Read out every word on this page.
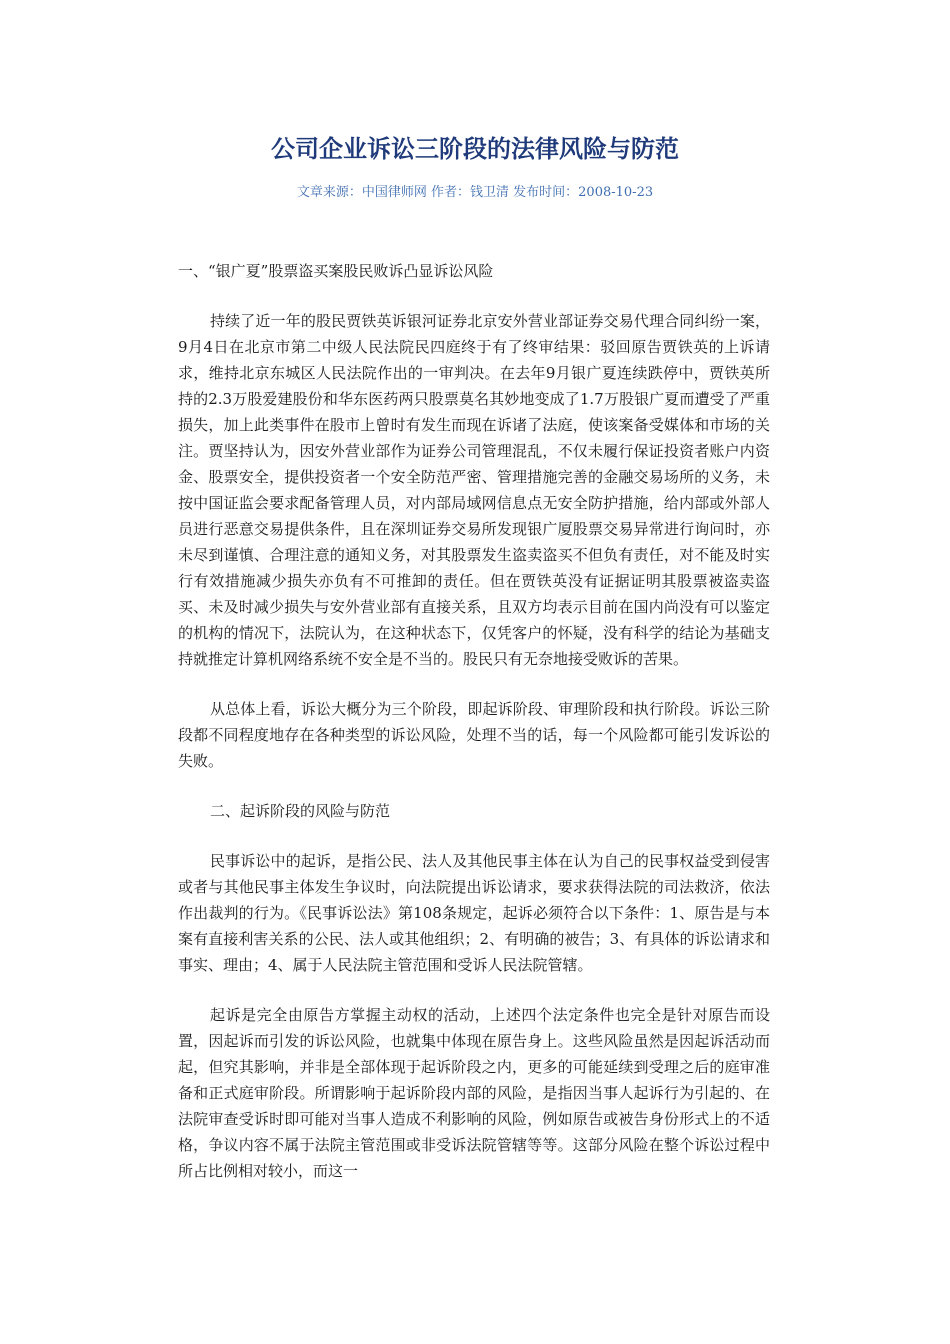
公司企业诉讼三阶段的法律风险与防范
文章来源：中国律师网 作者：钱卫清 发布时间：2008-10-23
一、“银广夏”股票盗买案股民败诉凸显诉讼风险

持续了近一年的股民贾铁英诉银河证券北京安外营业部证券交易代理合同纠纷一案，9月4日在北京市第二中级人民法院民四庭终于有了终审结果：驳回原告贾铁英的上诉请求，维持北京东城区人民法院作出的一审判决。在去年9月银广夏连续跌停中，贾铁英所持的2.3万股爱建股份和华东医药两只股票莫名其妙地变成了1.7万股银广夏而遭受了严重损失，加上此类事件在股市上曾时有发生而现在诉诸了法庭，使该案备受媒体和市场的关注。贾坚持认为，因安外营业部作为证券公司管理混乱，不仅未履行保证投资者账户内资金、股票安全，提供投资者一个安全防范严密、管理措施完善的金融交易场所的义务，未按中国证监会要求配备管理人员，对内部局域网信息点无安全防护措施，给内部或外部人员进行恶意交易提供条件，且在深圳证券交易所发现银广厦股票交易异常进行询问时，亦未尽到谨慎、合理注意的通知义务，对其股票发生盗卖盗买不但负有责任，对不能及时实行有效措施减少损失亦负有不可推卸的责任。但在贾铁英没有证据证明其股票被盗卖盗买、未及时减少损失与安外营业部有直接关系，且双方均表示目前在国内尚没有可以鉴定的机构的情况下，法院认为，在这种状态下，仅凭客户的怀疑，没有科学的结论为基础支持就推定计算机网络系统不安全是不当的。股民只有无奈地接受败诉的苦果。

从总体上看，诉讼大概分为三个阶段，即起诉阶段、审理阶段和执行阶段。诉讼三阶段都不同程度地存在各种类型的诉讼风险，处理不当的话，每一个风险都可能引发诉讼的失败。

二、起诉阶段的风险与防范

民事诉讼中的起诉，是指公民、法人及其他民事主体在认为自己的民事权益受到侵害或者与其他民事主体发生争议时，向法院提出诉讼请求，要求获得法院的司法救济，依法作出裁判的行为。《民事诉讼法》第108条规定，起诉必须符合以下条件：1、原告是与本案有直接利害关系的公民、法人或其他组织；2、有明确的被告；3、有具体的诉讼请求和事实、理由；4、属于人民法院主管范围和受诉人民法院管辖。

起诉是完全由原告方掌握主动权的活动，上述四个法定条件也完全是针对原告而设置，因起诉而引发的诉讼风险，也就集中体现在原告身上。这些风险虽然是因起诉活动而起，但究其影响，并非是全部体现于起诉阶段之内，更多的可能延续到受理之后的庭审准备和正式庭审阶段。所谓影响于起诉阶段内部的风险，是指因当事人起诉行为引起的、在法院审查受诉时即可能对当事人造成不利影响的风险，例如原告或被告身份形式上的不适格，争议内容不属于法院主管范围或非受诉法院管辖等等。这部分风险在整个诉讼过程中所占比例相对较小，而这一
